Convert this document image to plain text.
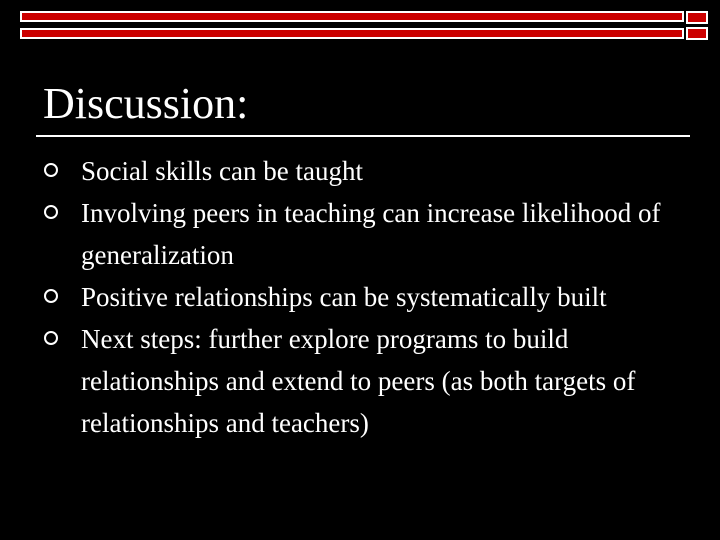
Discussion:
Social skills can be taught
Involving peers in teaching can increase likelihood of generalization
Positive relationships can be systematically built
Next steps: further explore programs to build relationships and extend to peers (as both targets of relationships and teachers)
